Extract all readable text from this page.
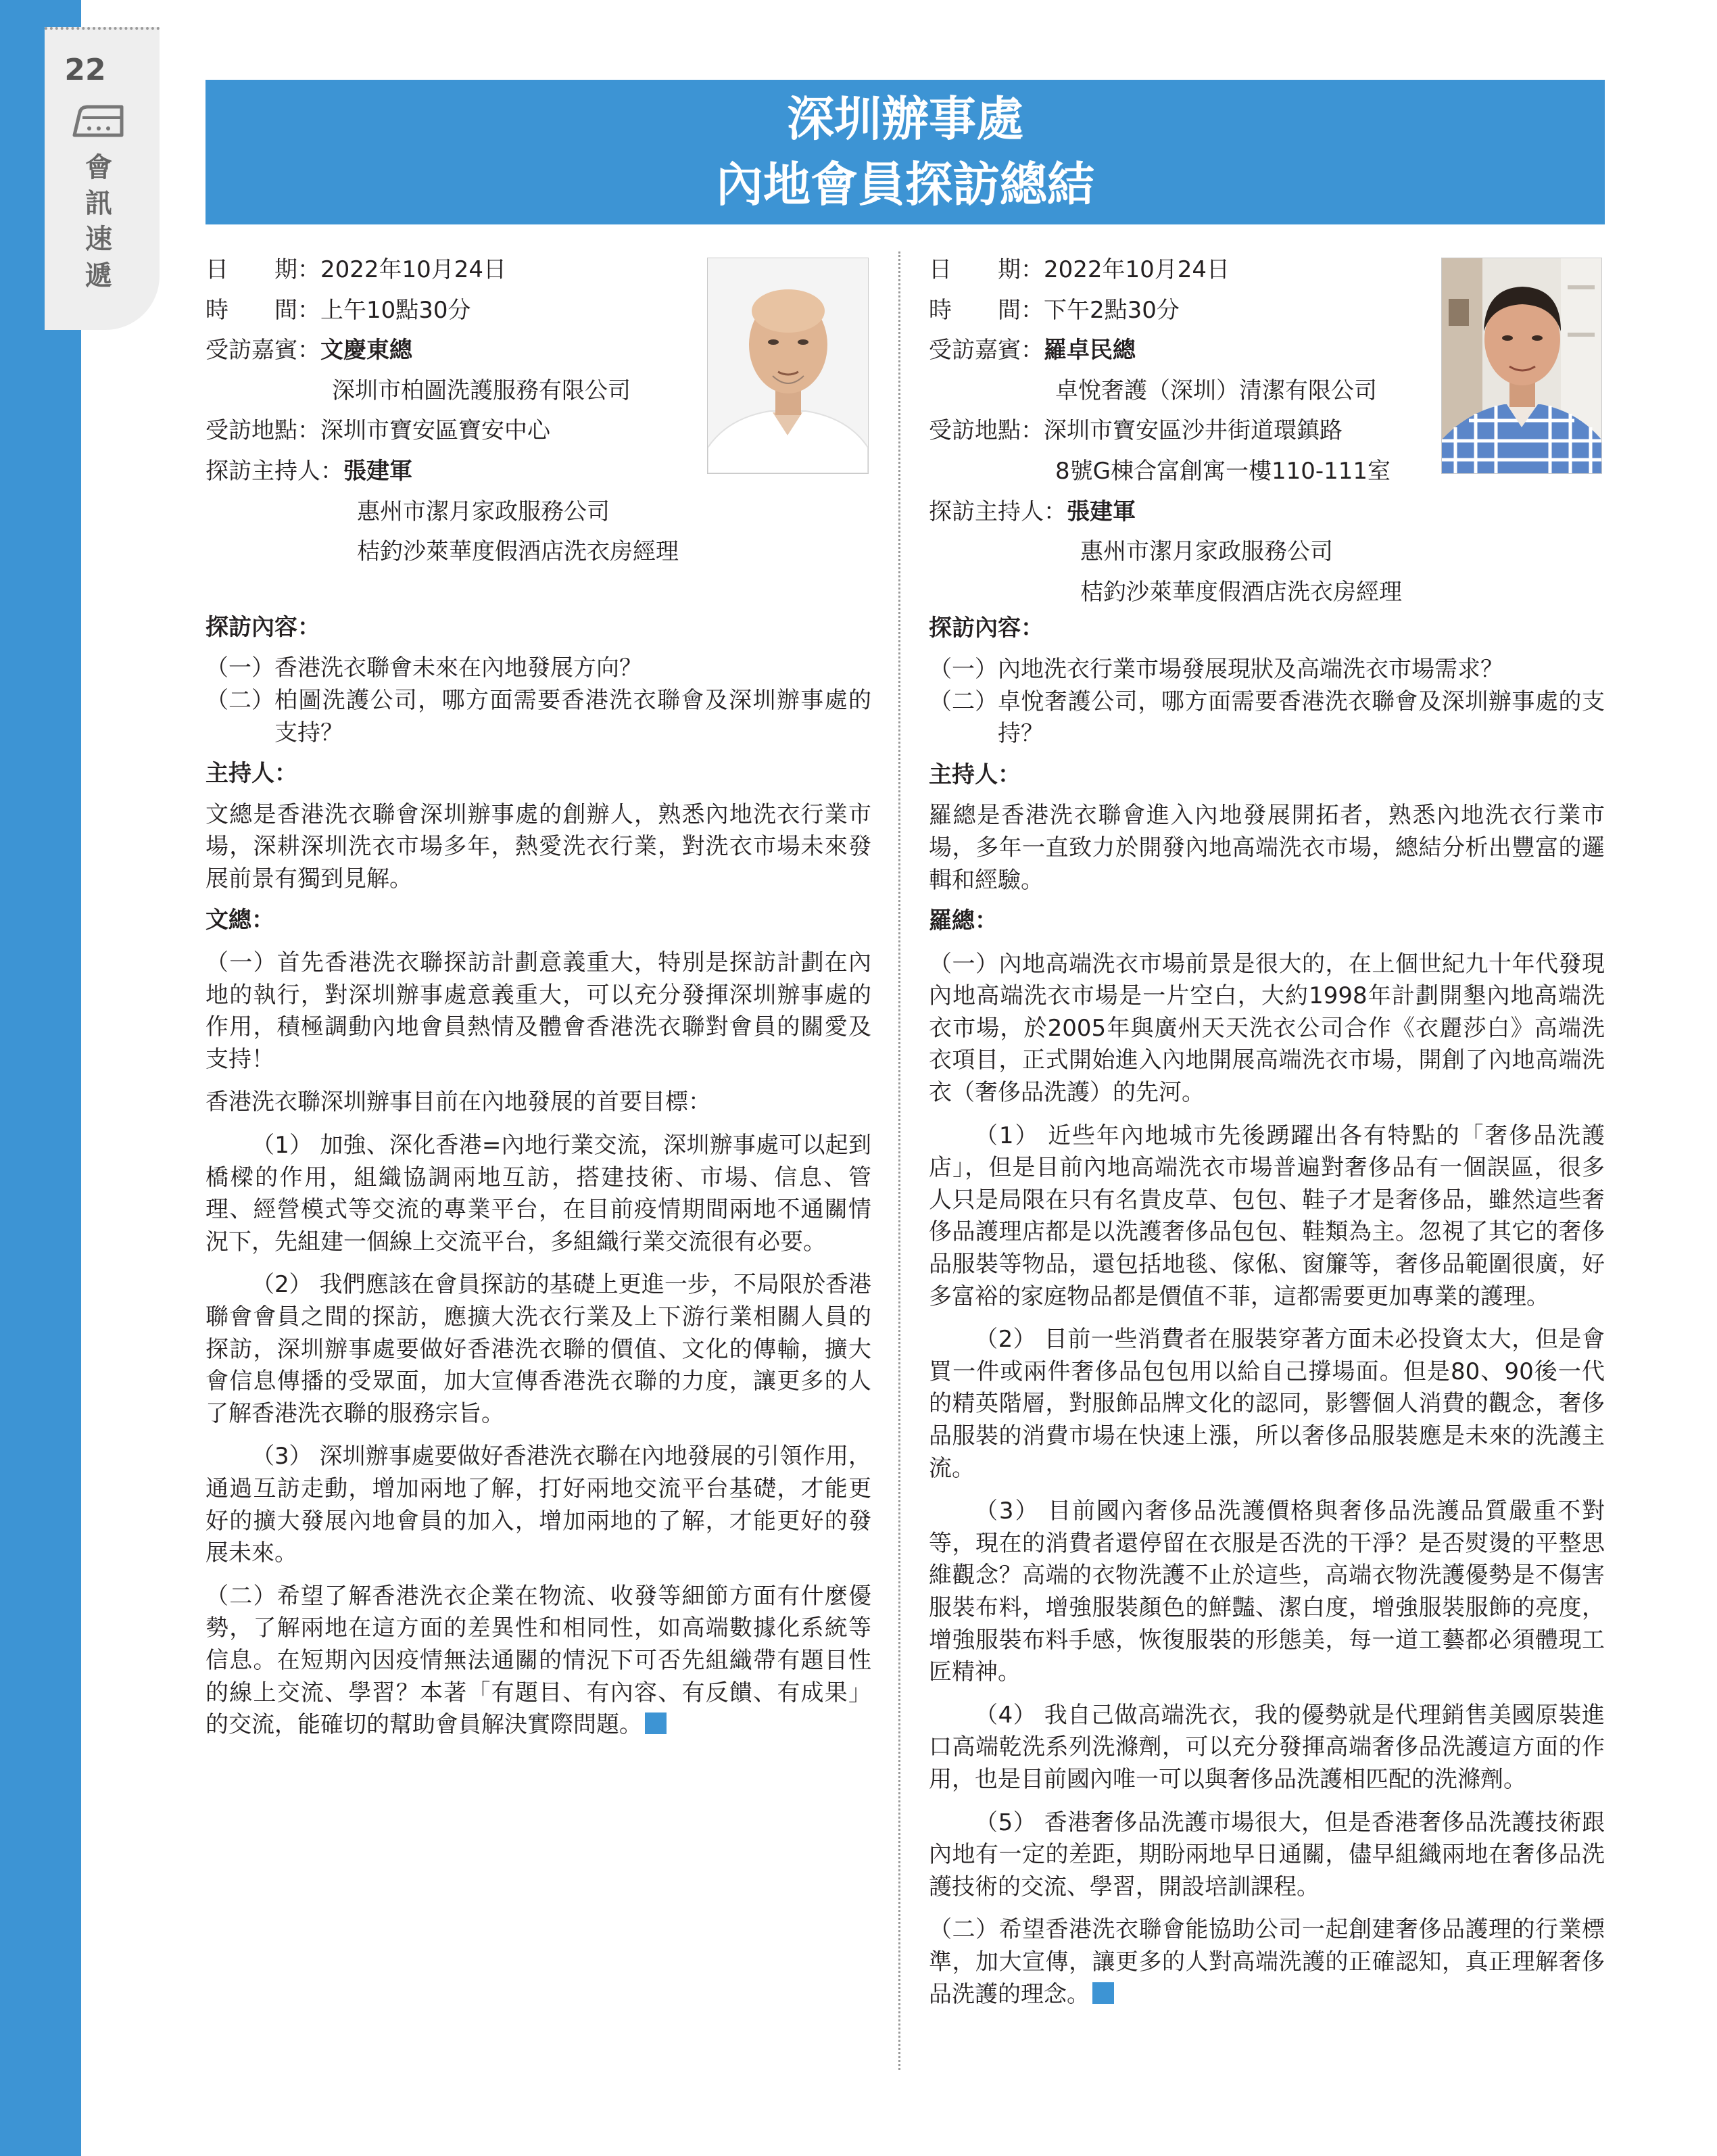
22
會
訊
速
遞
深圳辦事處
內地會員探訪總結
日　　期： 2022年10月24日
時　　間： 上午10點30分
受訪嘉賓： 文慶東總
深圳市柏圖洗護服務有限公司
受訪地點： 深圳市寶安區寶安中心
探訪主持人： 張建軍
惠州市潔月家政服務公司
桔釣沙萊華度假酒店洗衣房經理
探訪內容：
（一） 香港洗衣聯會未來在內地發展方向？
（二） 柏圖洗護公司，哪方面需要香港洗衣聯會及深圳辦事處的支持？
主持人：

文總是香港洗衣聯會深圳辦事處的創辦人，熟悉內地洗衣行業市場，深耕深圳洗衣市場多年，熱愛洗衣行業，對洗衣市場未來發展前景有獨到見解。

文總：

（一）首先香港洗衣聯探訪計劃意義重大，特別是探訪計劃在內地的執行，對深圳辦事處意義重大，可以充分發揮深圳辦事處的作用，積極調動內地會員熱情及體會香港洗衣聯對會員的關愛及支持！

香港洗衣聯深圳辦事目前在內地發展的首要目標：

（1） 加強、深化香港=內地行業交流，深圳辦事處可以起到橋樑的作用，組織協調兩地互訪，搭建技術、市場、信息、管理、經營模式等交流的專業平台，在目前疫情期間兩地不通關情況下，先組建一個線上交流平台，多組織行業交流很有必要。

（2） 我們應該在會員探訪的基礎上更進一步，不局限於香港聯會會員之間的探訪，應擴大洗衣行業及上下游行業相關人員的探訪，深圳辦事處要做好香港洗衣聯的價值、文化的傳輸，擴大會信息傳播的受眾面，加大宣傳香港洗衣聯的力度，讓更多的人了解香港洗衣聯的服務宗旨。

（3） 深圳辦事處要做好香港洗衣聯在內地發展的引領作用，通過互訪走動，增加兩地了解，打好兩地交流平台基礎，才能更好的擴大發展內地會員的加入，增加兩地的了解，才能更好的發展未來。

（二）希望了解香港洗衣企業在物流、收發等細節方面有什麼優勢，了解兩地在這方面的差異性和相同性，如高端數據化系統等信息。在短期內因疫情無法通關的情況下可否先組織帶有題目性的線上交流、學習？本著「有題目、有內容、有反饋、有成果」的交流，能確切的幫助會員解決實際問題。

日　　期： 2022年10月24日
時　　間： 下午2點30分
受訪嘉賓： 羅卓民總
卓悅奢護（深圳）清潔有限公司
受訪地點： 深圳市寶安區沙井街道環鎮路
8號G棟合富創寓一樓110-111室
探訪主持人： 張建軍
惠州市潔月家政服務公司
桔釣沙萊華度假酒店洗衣房經理
探訪內容：
（一） 內地洗衣行業市場發展現狀及高端洗衣市場需求？
（二） 卓悅奢護公司，哪方面需要香港洗衣聯會及深圳辦事處的支持？
主持人：

羅總是香港洗衣聯會進入內地發展開拓者，熟悉內地洗衣行業市場，多年一直致力於開發內地高端洗衣市場，總結分析出豐富的邏輯和經驗。

羅總：

（一）內地高端洗衣市場前景是很大的，在上個世紀九十年代發現內地高端洗衣市場是一片空白，大約1998年計劃開墾內地高端洗衣市場，於2005年與廣州天天洗衣公司合作《衣麗莎白》高端洗衣項目，正式開始進入內地開展高端洗衣市場，開創了內地高端洗衣（奢侈品洗護）的先河。

（1） 近些年內地城市先後踴躍出各有特點的「奢侈品洗護店」，但是目前內地高端洗衣市場普遍對奢侈品有一個誤區，很多人只是局限在只有名貴皮草、包包、鞋子才是奢侈品，雖然這些奢侈品護理店都是以洗護奢侈品包包、鞋類為主。忽視了其它的奢侈品服裝等物品，還包括地毯、傢俬、窗簾等，奢侈品範圍很廣，好多富裕的家庭物品都是價值不菲，這都需要更加專業的護理。

（2） 目前一些消費者在服裝穿著方面未必投資太大，但是會買一件或兩件奢侈品包包用以給自己撐場面。但是80、90後一代的精英階層，對服飾品牌文化的認同，影響個人消費的觀念，奢侈品服裝的消費市場在快速上漲，所以奢侈品服裝應是未來的洗護主流。

（3） 目前國內奢侈品洗護價格與奢侈品洗護品質嚴重不對等，現在的消費者還停留在衣服是否洗的干淨？是否熨燙的平整思維觀念？高端的衣物洗護不止於這些，高端衣物洗護優勢是不傷害服裝布料，增強服裝顏色的鮮豔、潔白度，增強服裝服飾的亮度，增強服裝布料手感，恢復服裝的形態美，每一道工藝都必須體現工匠精神。

（4） 我自己做高端洗衣，我的優勢就是代理銷售美國原裝進口高端乾洗系列洗滌劑，可以充分發揮高端奢侈品洗護這方面的作用，也是目前國內唯一可以與奢侈品洗護相匹配的洗滌劑。

（5） 香港奢侈品洗護市場很大，但是香港奢侈品洗護技術跟內地有一定的差距，期盼兩地早日通關，儘早組織兩地在奢侈品洗護技術的交流、學習，開設培訓課程。

（二）希望香港洗衣聯會能協助公司一起創建奢侈品護理的行業標準，加大宣傳，讓更多的人對高端洗護的正確認知，真正理解奢侈品洗護的理念。
